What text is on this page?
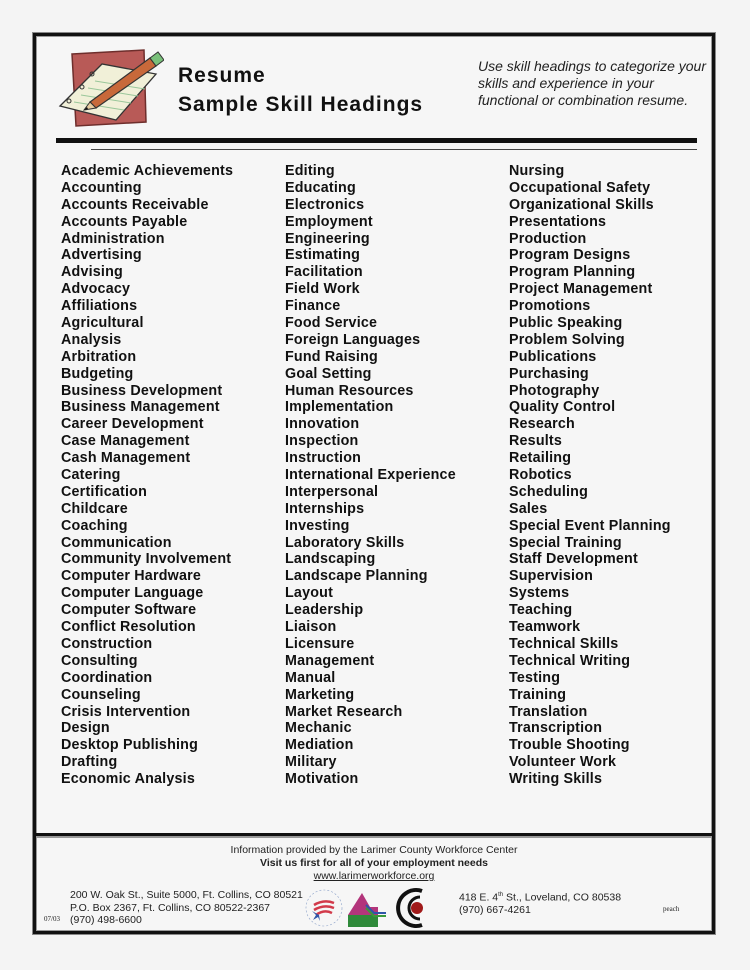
Resume
Sample Skill Headings
Use skill headings to categorize your skills and experience in your functional or combination resume.
Academic Achievements
Accounting
Accounts Receivable
Accounts Payable
Administration
Advertising
Advising
Advocacy
Affiliations
Agricultural
Analysis
Arbitration
Budgeting
Business Development
Business Management
Career Development
Case Management
Cash Management
Catering
Certification
Childcare
Coaching
Communication
Community Involvement
Computer Hardware
Computer Language
Computer Software
Conflict Resolution
Construction
Consulting
Coordination
Counseling
Crisis Intervention
Design
Desktop Publishing
Drafting
Economic Analysis
Editing
Educating
Electronics
Employment
Engineering
Estimating
Facilitation
Field Work
Finance
Food Service
Foreign Languages
Fund Raising
Goal Setting
Human Resources
Implementation
Innovation
Inspection
Instruction
International Experience
Interpersonal
Internships
Investing
Laboratory Skills
Landscaping
Landscape Planning
Layout
Leadership
Liaison
Licensure
Management
Manual
Marketing
Market Research
Mechanic
Mediation
Military
Motivation
Nursing
Occupational Safety
Organizational Skills
Presentations
Production
Program Designs
Program Planning
Project Management
Promotions
Public Speaking
Problem Solving
Publications
Purchasing
Photography
Quality Control
Research
Results
Retailing
Robotics
Scheduling
Sales
Special Event Planning
Special Training
Staff Development
Supervision
Systems
Teaching
Teamwork
Technical Skills
Technical Writing
Testing
Training
Translation
Transcription
Trouble Shooting
Volunteer Work
Writing Skills
Information provided by the Larimer County Workforce Center
Visit us first for all of your employment needs
www.larimerworkforce.org
200 W. Oak St., Suite 5000, Ft. Collins, CO 80521
P.O. Box 2367, Ft. Collins, CO 80522-2367
(970) 498-6600
07/03
418 E. 4th St., Loveland, CO 80538
(970) 667-4261	peach
